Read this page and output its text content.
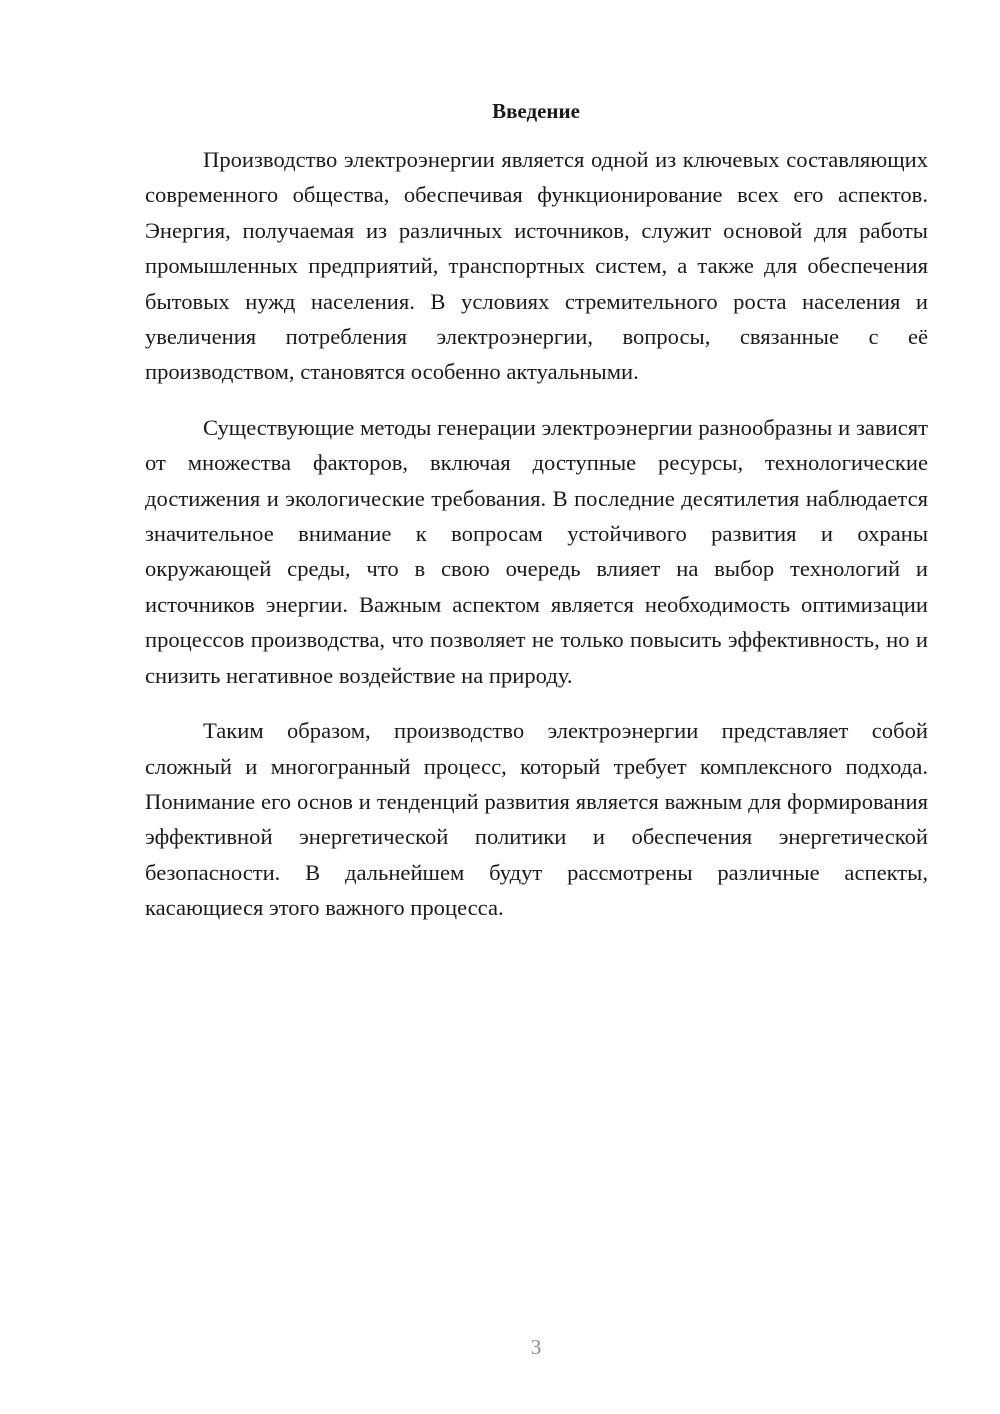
Введение

Производство электроэнергии является одной из ключевых составляющих современного общества, обеспечивая функционирование всех его аспектов. Энергия, получаемая из различных источников, служит основой для работы промышленных предприятий, транспортных систем, а также для обеспечения бытовых нужд населения. В условиях стремительного роста населения и увеличения потребления электроэнергии, вопросы, связанные с её производством, становятся особенно актуальными.

Существующие методы генерации электроэнергии разнообразны и зависят от множества факторов, включая доступные ресурсы, технологические достижения и экологические требования. В последние десятилетия наблюдается значительное внимание к вопросам устойчивого развития и охраны окружающей среды, что в свою очередь влияет на выбор технологий и источников энергии. Важным аспектом является необходимость оптимизации процессов производства, что позволяет не только повысить эффективность, но и снизить негативное воздействие на природу.

Таким образом, производство электроэнергии представляет собой сложный и многогранный процесс, который требует комплексного подхода. Понимание его основ и тенденций развития является важным для формирования эффективной энергетической политики и обеспечения энергетической безопасности. В дальнейшем будут рассмотрены различные аспекты, касающиеся этого важного процесса.

3
